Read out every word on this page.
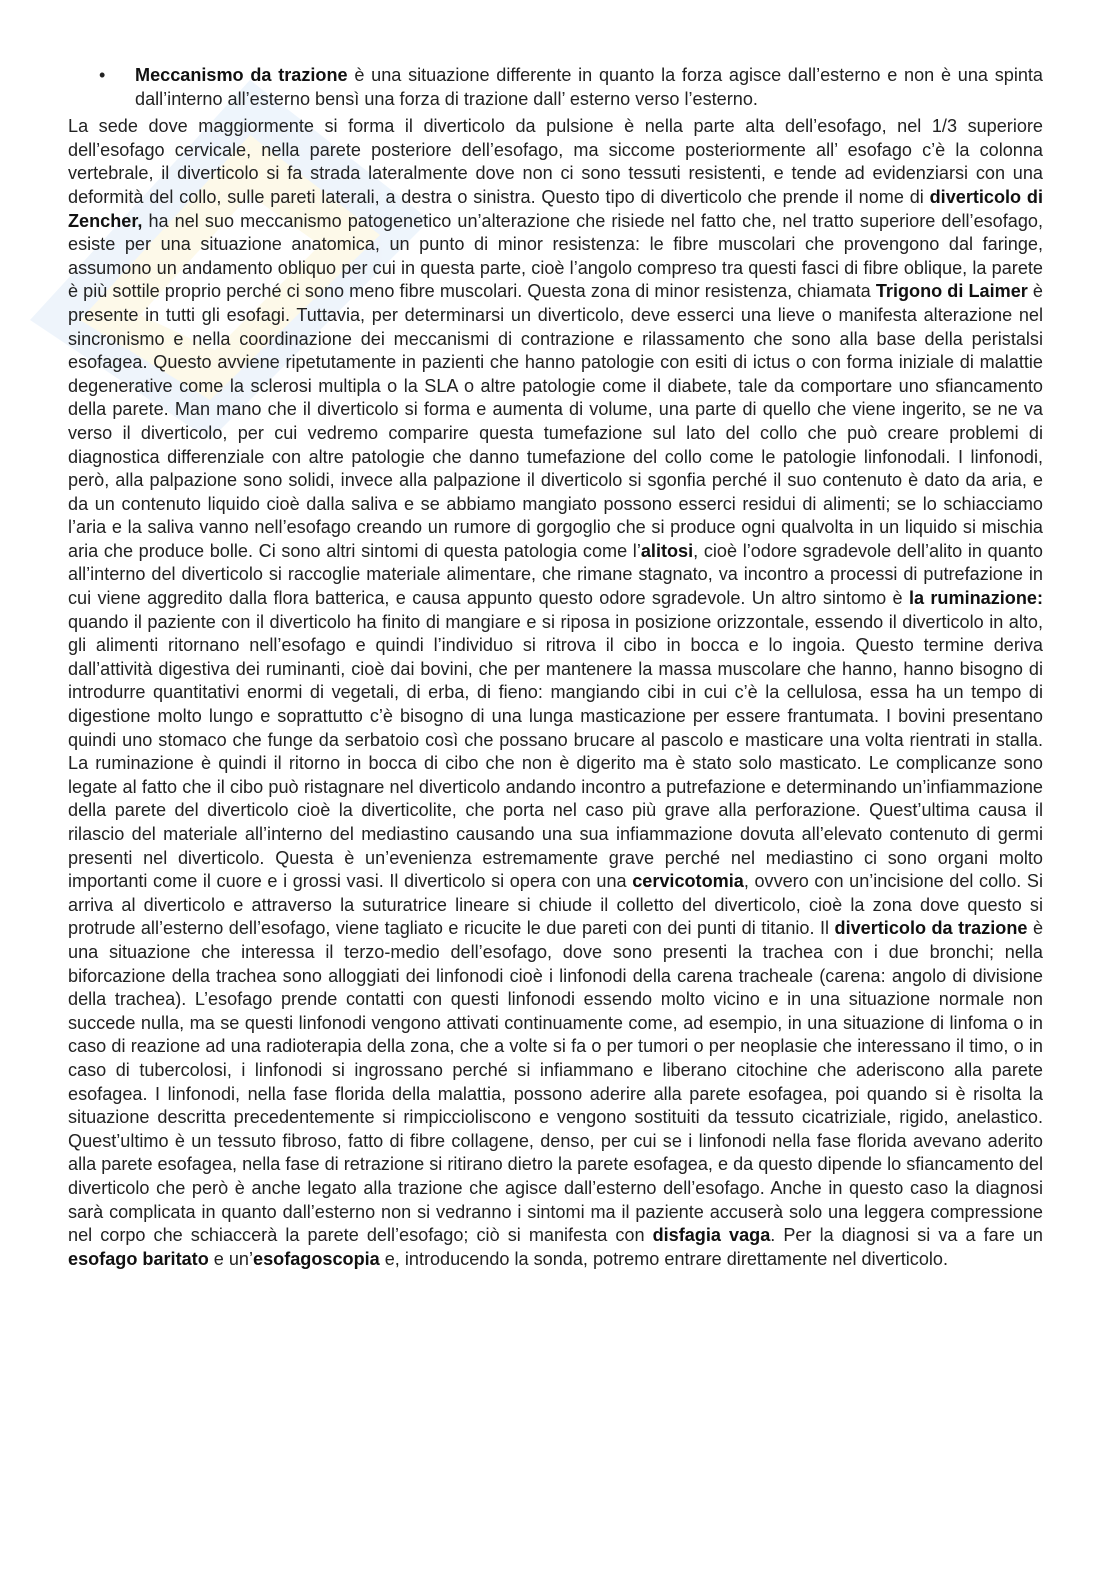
• Meccanismo da trazione è una situazione differente in quanto la forza agisce dall’esterno e non è una spinta dall’interno all’esterno bensì una forza di trazione dall’ esterno verso l’esterno.

La sede dove maggiormente si forma il diverticolo da pulsione è nella parte alta dell’esofago, nel 1/3 superiore dell’esofago cervicale, nella parete posteriore dell’esofago, ma siccome posteriormente all’ esofago c’è la colonna vertebrale, il diverticolo si fa strada lateralmente dove non ci sono tessuti resistenti, e tende ad evidenziarsi con una deformità del collo, sulle pareti laterali, a destra o sinistra. Questo tipo di diverticolo che prende il nome di diverticolo di Zencher, ha nel suo meccanismo patogenetico un’alterazione che risiede nel fatto che, nel tratto superiore dell’esofago, esiste per una situazione anatomica, un punto di minor resistenza: le fibre muscolari che provengono dal faringe, assumono un andamento obliquo per cui in questa parte, cioè l’angolo compreso tra questi fasci di fibre oblique, la parete è più sottile proprio perché ci sono meno fibre muscolari. Questa zona di minor resistenza, chiamata Trigono di Laimer è presente in tutti gli esofagi. Tuttavia, per determinarsi un diverticolo, deve esserci una lieve o manifesta alterazione nel sincronismo e nella coordinazione dei meccanismi di contrazione e rilassamento che sono alla base della peristalsi esofagea. Questo avviene ripetutamente in pazienti che hanno patologie con esiti di ictus o con forma iniziale di malattie degenerative come la sclerosi multipla o la SLA o altre patologie come il diabete, tale da comportare uno sfiancamento della parete. Man mano che il diverticolo si forma e aumenta di volume, una parte di quello che viene ingerito, se ne va verso il diverticolo, per cui vedremo comparire questa tumefazione sul lato del collo che può creare problemi di diagnostica differenziale con altre patologie che danno tumefazione del collo come le patologie linfonodali. I linfonodi, però, alla palpazione sono solidi, invece alla palpazione il diverticolo si sgonfia perché il suo contenuto è dato da aria, e da un contenuto liquido cioè dalla saliva e se abbiamo mangiato possono esserci residui di alimenti; se lo schiacciamo l’aria e la saliva vanno nell’esofago creando un rumore di gorgoglio che si produce ogni qualvolta in un liquido si mischia aria che produce bolle. Ci sono altri sintomi di questa patologia come l’alitosi, cioè l’odore sgradevole dell’alito in quanto all’interno del diverticolo si raccoglie materiale alimentare, che rimane stagnato, va incontro a processi di putrefazione in cui viene aggredito dalla flora batterica, e causa appunto questo odore sgradevole. Un altro sintomo è la ruminazione: quando il paziente con il diverticolo ha finito di mangiare e si riposa in posizione orizzontale, essendo il diverticolo in alto, gli alimenti ritornano nell’esofago e quindi l’individuo si ritrova il cibo in bocca e lo ingoia. Questo termine deriva dall’attività digestiva dei ruminanti, cioè dai bovini, che per mantenere la massa muscolare che hanno, hanno bisogno di introdurre quantitativi enormi di vegetali, di erba, di fieno: mangiando cibi in cui c’è la cellulosa, essa ha un tempo di digestione molto lungo e soprattutto c’è bisogno di una lunga masticazione per essere frantumata. I bovini presentano quindi uno stomaco che funge da serbatoio così che possano brucare al pascolo e masticare una volta rientrati in stalla. La ruminazione è quindi il ritorno in bocca di cibo che non è digerito ma è stato solo masticato. Le complicanze sono legate al fatto che il cibo può ristagnare nel diverticolo andando incontro a putrefazione e determinando un’infiammazione della parete del diverticolo cioè la diverticolite, che porta nel caso più grave alla perforazione. Quest’ultima causa il rilascio del materiale all’interno del mediastino causando una sua infiammazione dovuta all’elevato contenuto di germi presenti nel diverticolo. Questa è un’evenienza estremamente grave perché nel mediastino ci sono organi molto importanti come il cuore e i grossi vasi. Il diverticolo si opera con una cervicotomia, ovvero con un’incisione del collo. Si arriva al diverticolo e attraverso la suturatrice lineare si chiude il colletto del diverticolo, cioè la zona dove questo si protrude all’esterno dell’esofago, viene tagliato e ricucite le due pareti con dei punti di titanio. Il diverticolo da trazione è una situazione che interessa il terzo-medio dell’esofago, dove sono presenti la trachea con i due bronchi; nella biforcazione della trachea sono alloggiati dei linfonodi cioè i linfonodi della carena tracheale (carena: angolo di divisione della trachea). L’esofago prende contatti con questi linfonodi essendo molto vicino e in una situazione normale non succede nulla, ma se questi linfonodi vengono attivati continuamente come, ad esempio, in una situazione di linfoma o in caso di reazione ad una radioterapia della zona, che a volte si fa o per tumori o per neoplasie che interessano il timo, o in caso di tubercolosi, i linfonodi si ingrossano perché si infiammano e liberano citochine che aderiscono alla parete esofagea. I linfonodi, nella fase florida della malattia, possono aderire alla parete esofagea, poi quando si è risolta la situazione descritta precedentemente si rimpiccioliscono e vengono sostituiti da tessuto cicatriziale, rigido, anelastico. Quest’ultimo è un tessuto fibroso, fatto di fibre collagene, denso, per cui se i linfonodi nella fase florida avevano aderito alla parete esofagea, nella fase di retrazione si ritirano dietro la parete esofagea, e da questo dipende lo sfiancamento del diverticolo che però è anche legato alla trazione che agisce dall’esterno dell’esofago. Anche in questo caso la diagnosi sarà complicata in quanto dall’esterno non si vedranno i sintomi ma il paziente accuserà solo una leggera compressione nel corpo che schiaccerà la parete dell’esofago; ciò si manifesta con disfagia vaga. Per la diagnosi si va a fare un esofago baritato e un’esofagoscopia e, introducendo la sonda, potremo entrare direttamente nel diverticolo.
